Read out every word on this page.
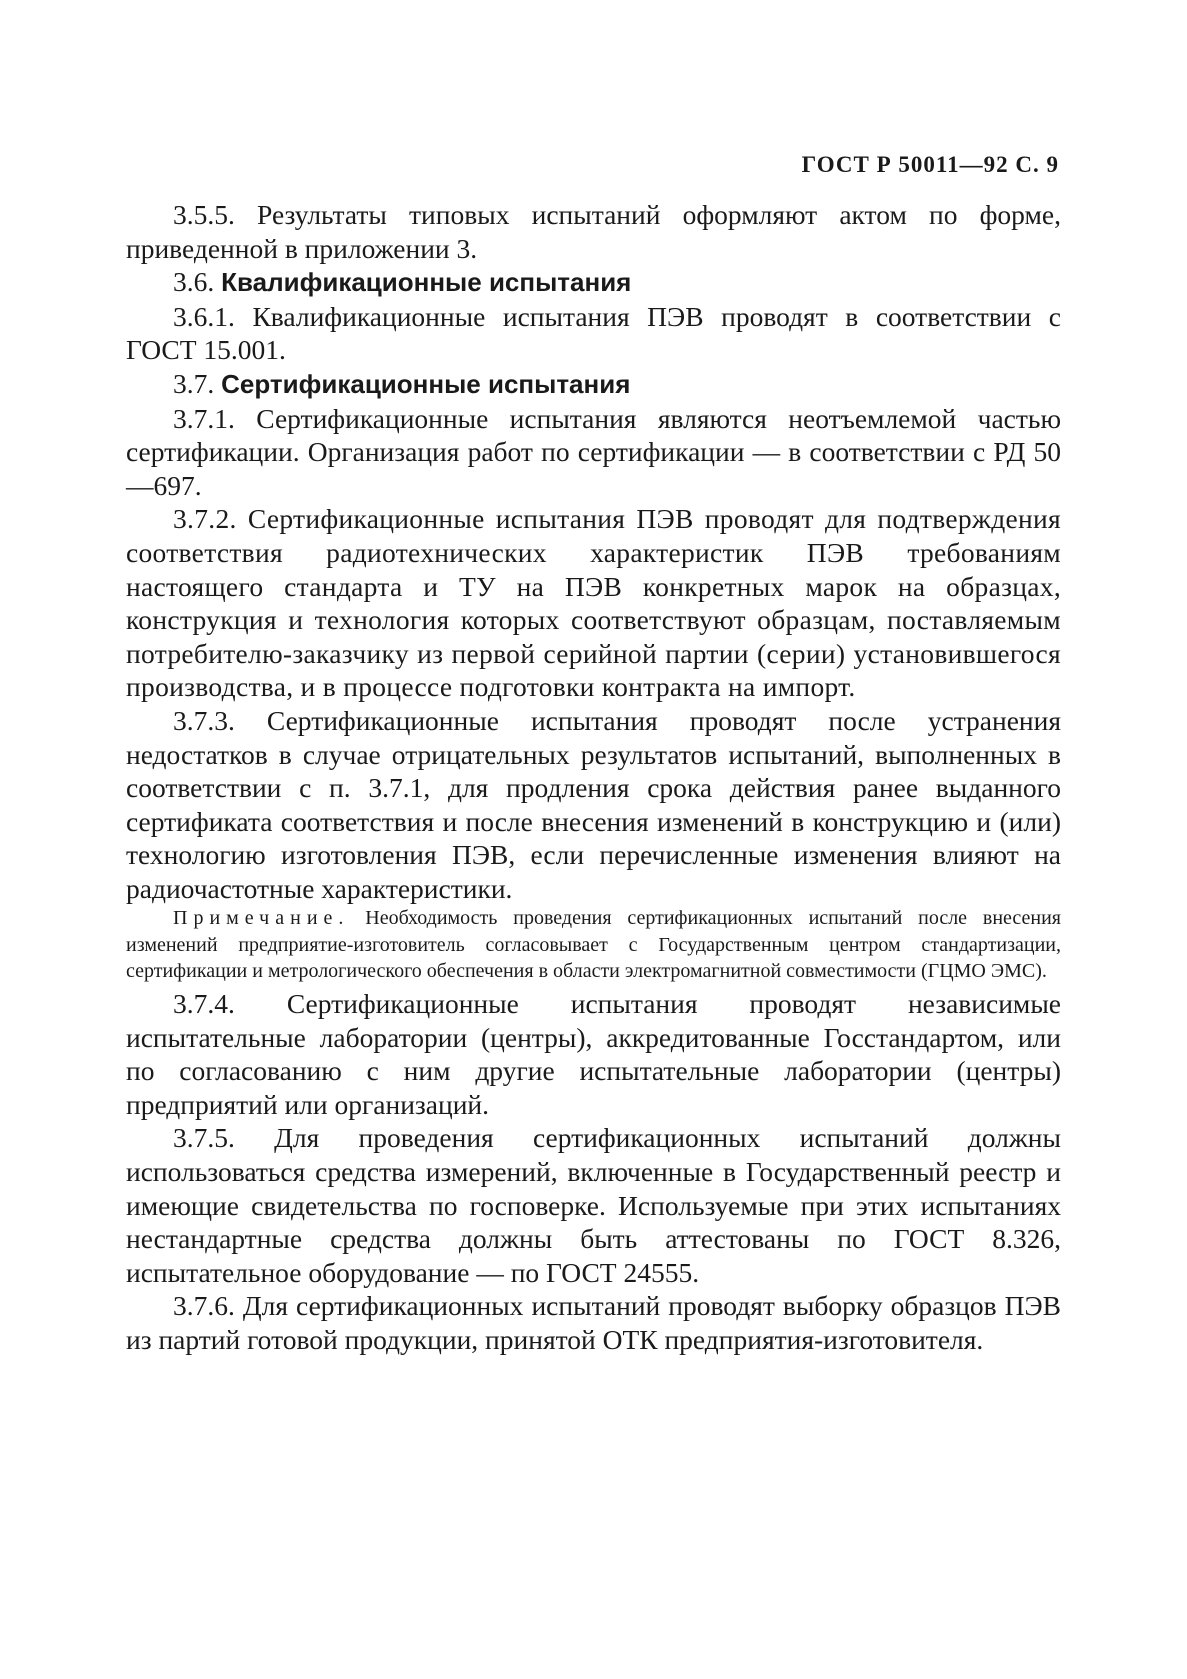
ГОСТ Р 50011—92 С. 9

3.5.5. Результаты типовых испытаний оформляют актом по форме, приведенной в приложении 3.

3.6. Квалификационные испытания

3.6.1. Квалификационные испытания ПЭВ проводят в соответствии с ГОСТ 15.001.

3.7. Сертификационные испытания

3.7.1. Сертификационные испытания являются неотъемлемой частью сертификации. Организация работ по сертификации — в соответствии с РД 50—697.

3.7.2. Сертификационные испытания ПЭВ проводят для подтверждения соответствия радиотехнических характеристик ПЭВ требованиям настоящего стандарта и ТУ на ПЭВ конкретных марок на образцах, конструкция и технология которых соответствуют образцам, поставляемым потребителю-заказчику из первой серийной партии (серии) установившегося производства, и в процессе подготовки контракта на импорт.

3.7.3. Сертификационные испытания проводят после устранения недостатков в случае отрицательных результатов испытаний, выполненных в соответствии с п. 3.7.1, для продления срока действия ранее выданного сертификата соответствия и после внесения изменений в конструкцию и (или) технологию изготовления ПЭВ, если перечисленные изменения влияют на радиочастотные характеристики.

Примечание. Необходимость проведения сертификационных испытаний после внесения изменений предприятие-изготовитель согласовывает с Государственным центром стандартизации, сертификации и метрологического обеспечения в области электромагнитной совместимости (ГЦМО ЭМС).

3.7.4. Сертификационные испытания проводят независимые испытательные лаборатории (центры), аккредитованные Госстандартом, или по согласованию с ним другие испытательные лаборатории (центры) предприятий или организаций.

3.7.5. Для проведения сертификационных испытаний должны использоваться средства измерений, включенные в Государственный реестр и имеющие свидетельства по госповерке. Используемые при этих испытаниях нестандартные средства должны быть аттестованы по ГОСТ 8.326, испытательное оборудование — по ГОСТ 24555.

3.7.6. Для сертификационных испытаний проводят выборку образцов ПЭВ из партий готовой продукции, принятой ОТК предприятия-изготовителя.
